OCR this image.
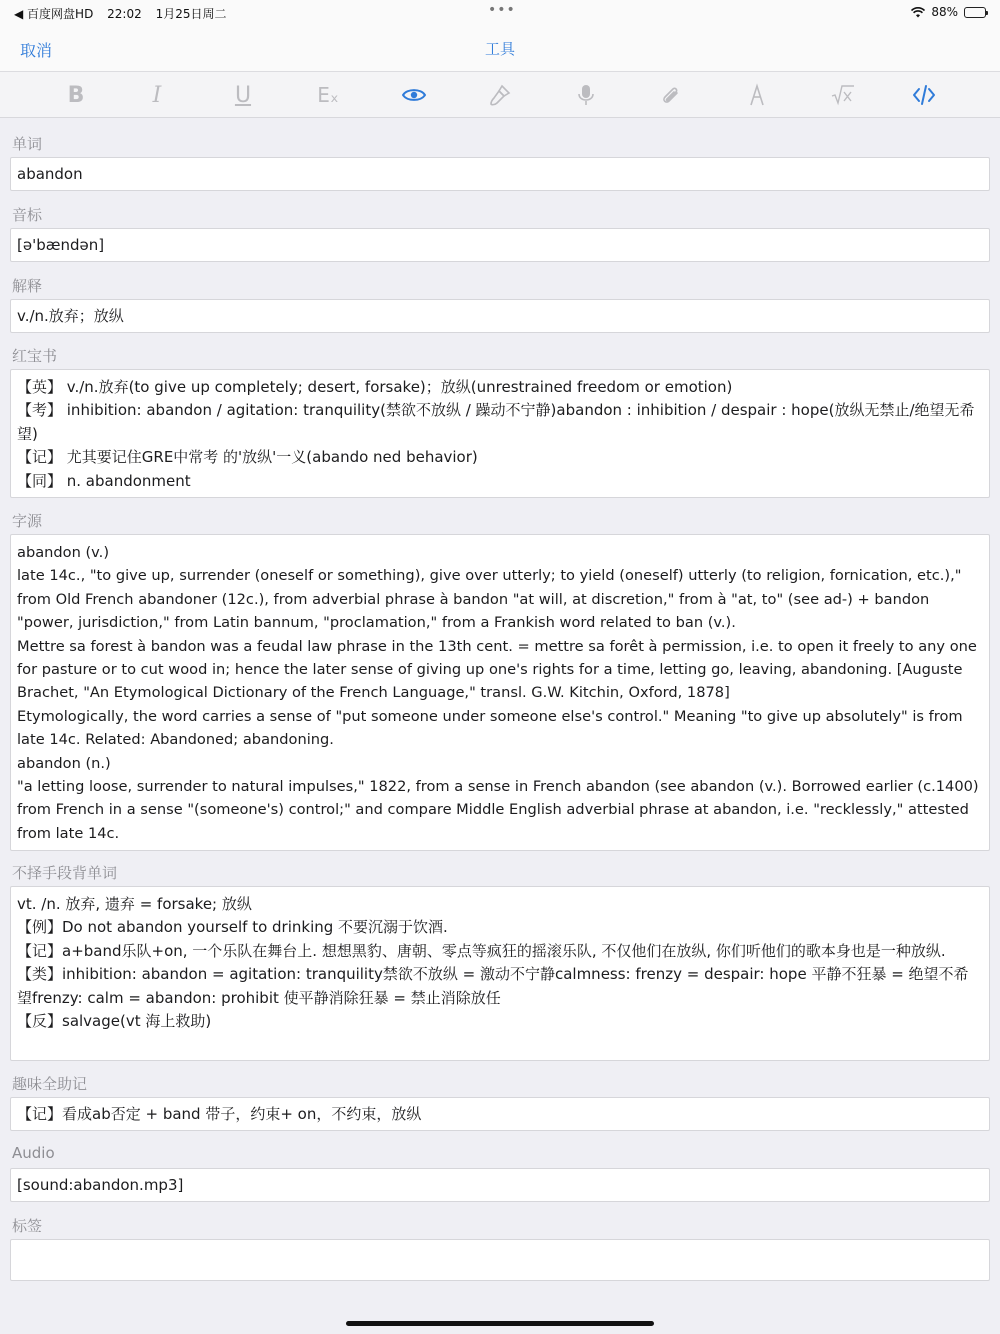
◀ 百度网盘HD 22:02 1月25日周二	•••	88%
工具
取消
B	I	U	Eₓ
单词
abandon
音标
[ə'bændən]
解释
v./n.放弃；放纵
红宝书
【英】 v./n.放弃(to give up completely; desert, forsake)；放纵(unrestrained freedom or emotion)
【考】 inhibition: abandon / agitation: tranquility(禁欲不放纵 / 躁动不宁静)abandon : inhibition / despair : hope(放纵无禁止/绝望无希望)
【记】 尤其要记住GRE中常考 的'放纵'一义(abando ned behavior)
【同】 n. abandonment
字源
abandon (v.)
late 14c., "to give up, surrender (oneself or something), give over utterly; to yield (oneself) utterly (to religion, fornication, etc.)," from Old French abandoner (12c.), from adverbial phrase à bandon "at will, at discretion," from à "at, to" (see ad-) + bandon "power, jurisdiction," from Latin bannum, "proclamation," from a Frankish word related to ban (v.).
Mettre sa forest à bandon was a feudal law phrase in the 13th cent. = mettre sa forêt à permission, i.e. to open it freely to any one for pasture or to cut wood in; hence the later sense of giving up one's rights for a time, letting go, leaving, abandoning. [Auguste Brachet, "An Etymological Dictionary of the French Language," transl. G.W. Kitchin, Oxford, 1878]
Etymologically, the word carries a sense of "put someone under someone else's control." Meaning "to give up absolutely" is from late 14c. Related: Abandoned; abandoning.
abandon (n.)
"a letting loose, surrender to natural impulses," 1822, from a sense in French abandon (see abandon (v.). Borrowed earlier (c.1400) from French in a sense "(someone's) control;" and compare Middle English adverbial phrase at abandon, i.e. "recklessly," attested from late 14c.
不择手段背单词
vt. /n. 放弃, 遗弃 = forsake; 放纵
【例】Do not abandon yourself to drinking 不要沉溺于饮酒.
【记】a+band乐队+on, 一个乐队在舞台上. 想想黑豹、唐朝、零点等疯狂的摇滚乐队, 不仅他们在放纵, 你们听他们的歌本身也是一种放纵.
【类】inhibition: abandon = agitation: tranquility禁欲不放纵 = 激动不宁静calmness: frenzy = despair: hope 平静不狂暴 = 绝望不希望frenzy: calm = abandon: prohibit 使平静消除狂暴 = 禁止消除放任
【反】salvage(vt 海上救助)
趣味全助记
【记】看成ab否定 + band 带子，约束+ on，不约束，放纵
Audio
[sound:abandon.mp3]
标签
